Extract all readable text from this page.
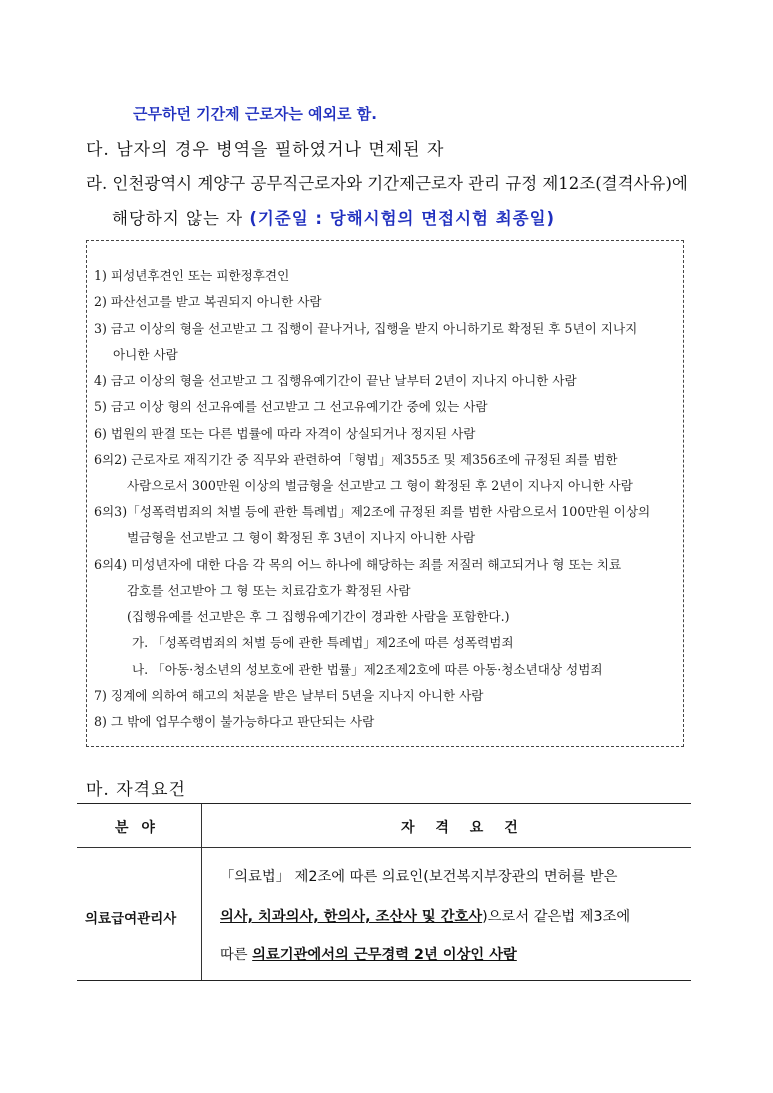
근무하던 기간제 근로자는 예외로 함.
다. 남자의 경우 병역을 필하였거나 면제된 자
라. 인천광역시 계양구 공무직근로자와 기간제근로자 관리 규정 제12조(결격사유)에
해당하지 않는 자 (기준일 : 당해시험의 면접시험 최종일)
1) 피성년후견인 또는 피한정후견인
2) 파산선고를 받고 복권되지 아니한 사람
3) 금고 이상의 형을 선고받고 그 집행이 끝나거나, 집행을 받지 아니하기로 확정된 후 5년이 지나지
아니한 사람
4) 금고 이상의 형을 선고받고 그 집행유예기간이 끝난 날부터 2년이 지나지 아니한 사람
5) 금고 이상 형의 선고유예를 선고받고 그 선고유예기간 중에 있는 사람
6) 법원의 판결 또는 다른 법률에 따라 자격이 상실되거나 정지된 사람
6의2) 근로자로 재직기간 중 직무와 관련하여「형법」제355조 및 제356조에 규정된 죄를 범한
사람으로서 300만원 이상의 벌금형을 선고받고 그 형이 확정된 후 2년이 지나지 아니한 사람
6의3)「성폭력범죄의 처벌 등에 관한 특례법」제2조에 규정된 죄를 범한 사람으로서 100만원 이상의
벌금형을 선고받고 그 형이 확정된 후 3년이 지나지 아니한 사람
6의4) 미성년자에 대한 다음 각 목의 어느 하나에 해당하는 죄를 저질러 해고되거나 형 또는 치료
감호를 선고받아 그 형 또는 치료감호가 확정된 사람
(집행유예를 선고받은 후 그 집행유예기간이 경과한 사람을 포함한다.)
가. 「성폭력범죄의 처벌 등에 관한 특례법」제2조에 따른 성폭력범죄
나. 「아동·청소년의 성보호에 관한 법률」제2조제2호에 따른 아동·청소년대상 성범죄
7) 징계에 의하여 해고의 처분을 받은 날부터 5년을 지나지 아니한 사람
8) 그 밖에 업무수행이 불가능하다고 판단되는 사람
마. 자격요건
분 야	자 격 요 건
의료급여관리사
「의료법」 제2조에 따른 의료인(보건복지부장관의 면허를 받은
의사, 치과의사, 한의사, 조산사 및 간호사)으로서 같은법 제3조에
따른 의료기관에서의 근무경력 2년 이상인 사람
